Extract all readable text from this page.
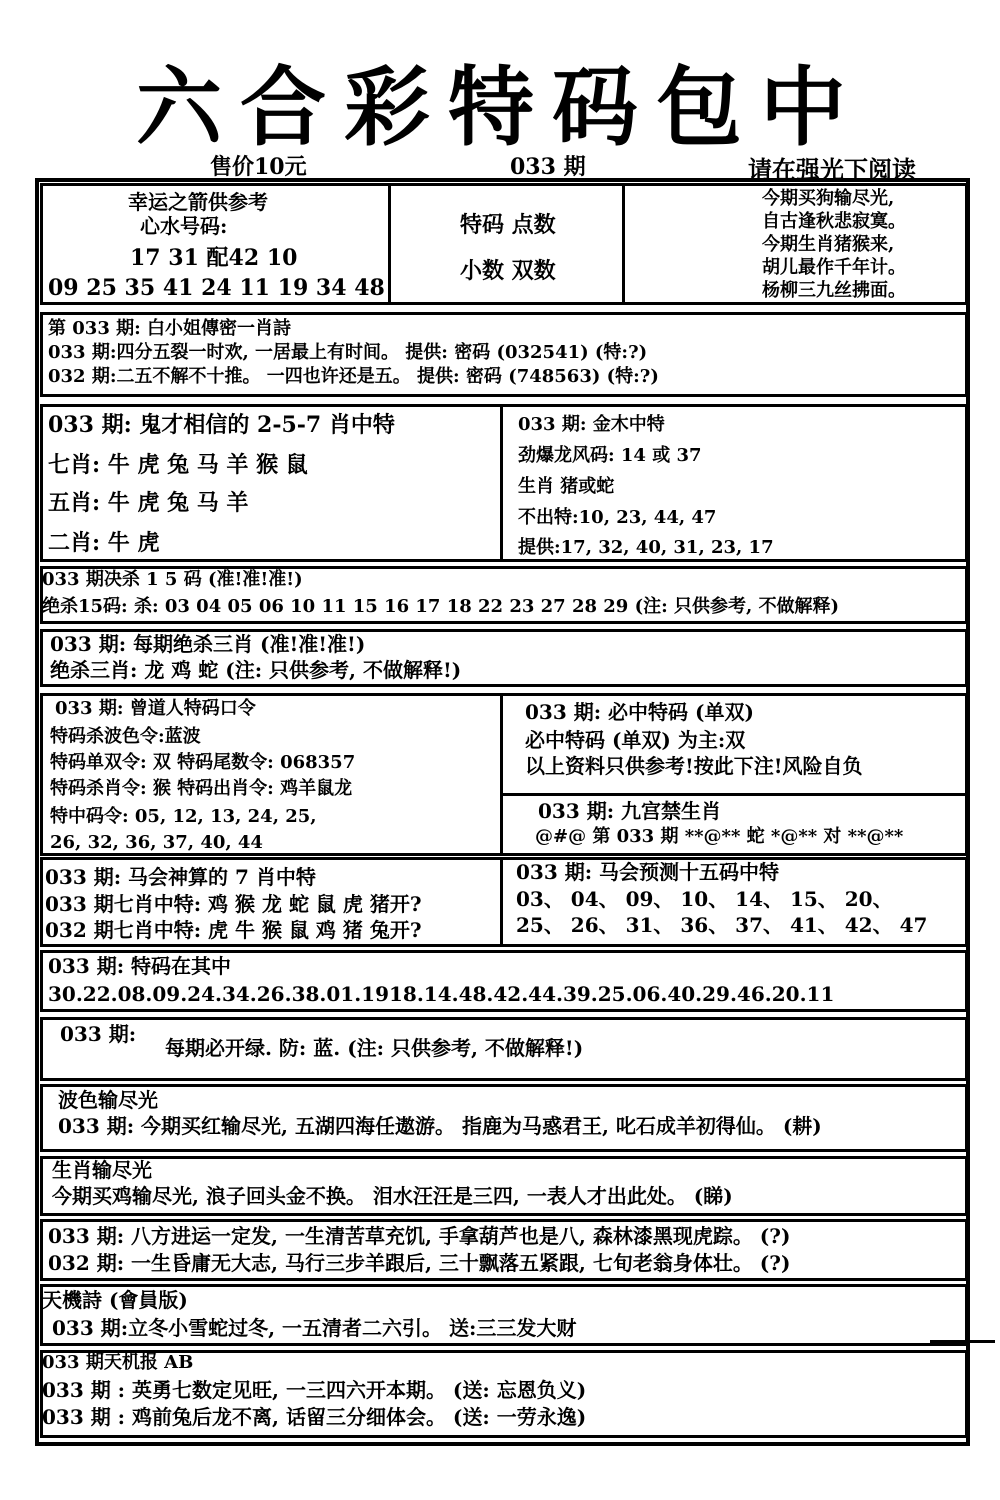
六合彩特码包中
售价10元	033 期	请在强光下阅读
幸运之箭供参考
心水号码:
17 31 配42 10
09 25 35 41 24 11 19 34 48
特码 点数
小数 双数
今期买狗输尽光,
自古逢秋悲寂寞。
今期生肖猪猴来,
胡儿最作千年计。
杨柳三九丝拂面。
第 033 期: 白小姐傳密一肖詩
033 期:四分五裂一时欢, 一居最上有时间。 提供: 密码 (032541) (特:?)
032 期:二五不解不十推。 一四也许还是五。 提供: 密码 (748563) (特:?)
033 期: 鬼才相信的 2-5-7 肖中特
七肖: 牛 虎 兔 马 羊 猴 鼠
五肖: 牛 虎 兔 马 羊
二肖: 牛 虎
033 期: 金木中特
劲爆龙风码: 14 或 37
生肖 猪或蛇
不出特:10, 23, 44, 47
提供:17, 32, 40, 31, 23, 17
033 期决杀 1 5 码 (准!准!准!)
绝杀15码: 杀: 03 04 05 06 10 11 15 16 17 18 22 23 27 28 29 (注: 只供参考, 不做解释)
033 期: 每期绝杀三肖 (准!准!准!)
绝杀三肖: 龙 鸡 蛇 (注: 只供参考, 不做解释!)
033 期: 曾道人特码口令
特码杀波色令:蓝波
特码单双令: 双 特码尾数令: 068357
特码杀肖令: 猴 特码出肖令: 鸡羊鼠龙
特中码令: 05, 12, 13, 24, 25,
26, 32, 36, 37, 40, 44
033 期: 必中特码 (单双)
必中特码 (单双) 为主:双
以上资料只供参考!按此下注!风险自负
033 期: 九宫禁生肖
@#@ 第 033 期 **@** 蛇 *@** 对 **@**
033 期: 马会神算的 7 肖中特
033 期七肖中特: 鸡 猴 龙 蛇 鼠 虎 猪开?
032 期七肖中特: 虎 牛 猴 鼠 鸡 猪 兔开?
033 期: 马会预测十五码中特
03、 04、 09、 10、 14、 15、 20、
25、 26、 31、 36、 37、 41、 42、 47
033 期: 特码在其中
30.22.08.09.24.34.26.38.01.1918.14.48.42.44.39.25.06.40.29.46.20.11
033 期:
每期必开绿. 防: 蓝. (注: 只供参考, 不做解释!)
波色输尽光
033 期: 今期买红输尽光, 五湖四海任遨游。 指鹿为马惑君王, 叱石成羊初得仙。 (耕)
生肖输尽光
今期买鸡输尽光, 浪子回头金不换。 泪水汪汪是三四, 一表人才出此处。 (睇)
033 期: 八方进运一定发, 一生清苦草充饥, 手拿葫芦也是八, 森林漆黑现虎踪。 (?)
032 期: 一生昏庸无大志, 马行三步羊跟后, 三十飘落五紧跟, 七旬老翁身体壮。 (?)
天機詩 (會員版)
033 期:立冬小雪蛇过冬, 一五清者二六引。 送:三三发大财
033 期天机报 AB
033 期 : 英勇七数定见旺, 一三四六开本期。 (送: 忘恩负义)
033 期 : 鸡前兔后龙不离, 话留三分细体会。 (送: 一劳永逸)
